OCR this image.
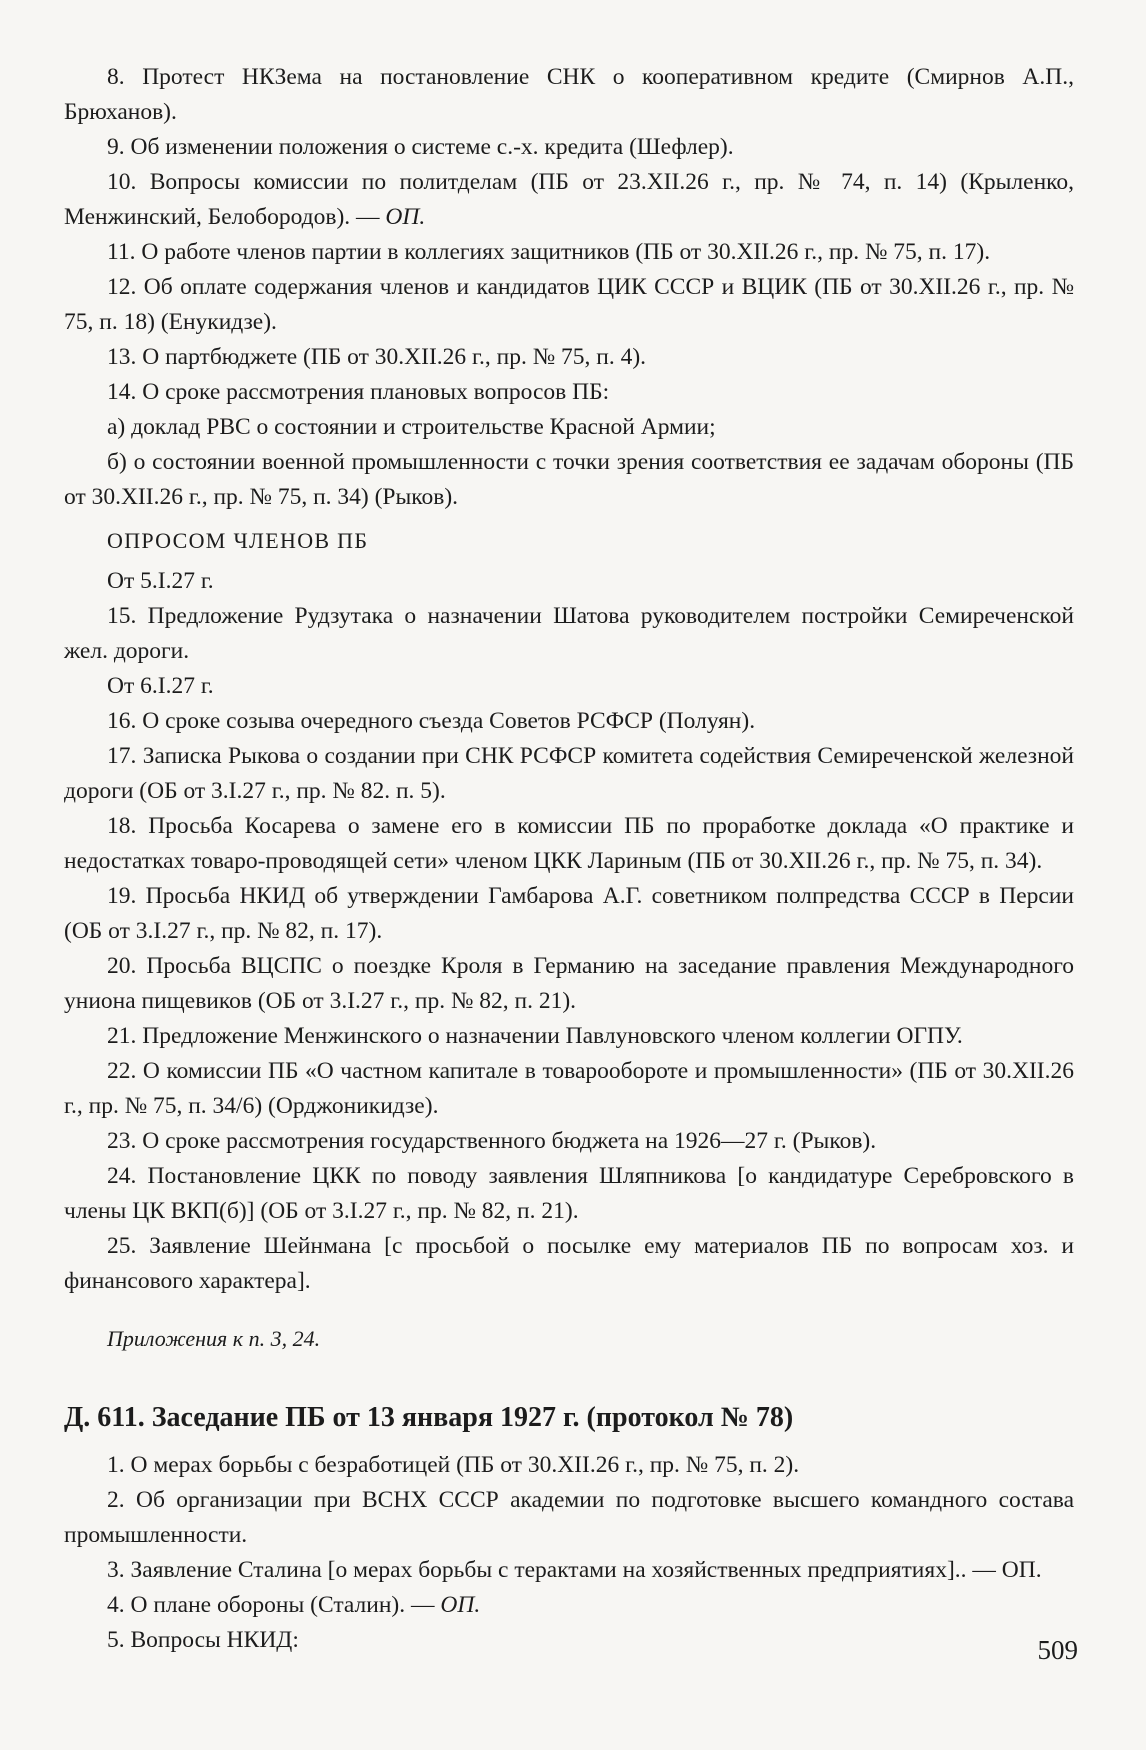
8. Протест НКЗема на постановление СНК о кооперативном кредите (Смирнов А.П., Брюханов).

9. Об изменении положения о системе с.-х. кредита (Шефлер).

10. Вопросы комиссии по политделам (ПБ от 23.XII.26 г., пр. № 74, п. 14) (Крыленко, Менжинский, Белобородов). — ОП.

11. О работе членов партии в коллегиях защитников (ПБ от 30.XII.26 г., пр. № 75, п. 17).

12. Об оплате содержания членов и кандидатов ЦИК СССР и ВЦИК (ПБ от 30.XII.26 г., пр. № 75, п. 18) (Енукидзе).

13. О партбюджете (ПБ от 30.XII.26 г., пр. № 75, п. 4).

14. О сроке рассмотрения плановых вопросов ПБ:

а) доклад РВС о состоянии и строительстве Красной Армии;

б) о состоянии военной промышленности с точки зрения соответствия ее задачам обороны (ПБ от 30.XII.26 г., пр. № 75, п. 34) (Рыков).

ОПРОСОМ ЧЛЕНОВ ПБ
От 5.I.27 г.

15. Предложение Рудзутака о назначении Шатова руководителем постройки Семиреченской жел. дороги.

От 6.I.27 г.

16. О сроке созыва очередного съезда Советов РСФСР (Полуян).

17. Записка Рыкова о создании при СНК РСФСР комитета содействия Семиреченской железной дороги (ОБ от 3.I.27 г., пр. № 82. п. 5).

18. Просьба Косарева о замене его в комиссии ПБ по проработке доклада «О практике и недостатках товаро-проводящей сети» членом ЦКК Лариным (ПБ от 30.XII.26 г., пр. № 75, п. 34).

19. Просьба НКИД об утверждении Гамбарова А.Г. советником полпредства СССР в Персии (ОБ от 3.I.27 г., пр. № 82, п. 17).

20. Просьба ВЦСПС о поездке Кроля в Германию на заседание правления Международного униона пищевиков (ОБ от 3.I.27 г., пр. № 82, п. 21).

21. Предложение Менжинского о назначении Павлуновского членом коллегии ОГПУ.

22. О комиссии ПБ «О частном капитале в товарообороте и промышленности» (ПБ от 30.XII.26 г., пр. № 75, п. 34/6) (Орджоникидзе).

23. О сроке рассмотрения государственного бюджета на 1926—27 г. (Рыков).

24. Постановление ЦКК по поводу заявления Шляпникова [о кандидатуре Серебровского в члены ЦК ВКП(б)] (ОБ от 3.I.27 г., пр. № 82, п. 21).

25. Заявление Шейнмана [с просьбой о посылке ему материалов ПБ по вопросам хоз. и финансового характера].

Приложения к п. 3, 24.
Д. 611. Заседание ПБ от 13 января 1927 г. (протокол № 78)

1. О мерах борьбы с безработицей (ПБ от 30.XII.26 г., пр. № 75, п. 2).

2. Об организации при ВСНХ СССР академии по подготовке высшего командного состава промышленности.

3. Заявление Сталина [о мерах борьбы с терактами на хозяйственных предприятиях].. — ОП.

4. О плане обороны (Сталин). — ОП.

5. Вопросы НКИД:	509
